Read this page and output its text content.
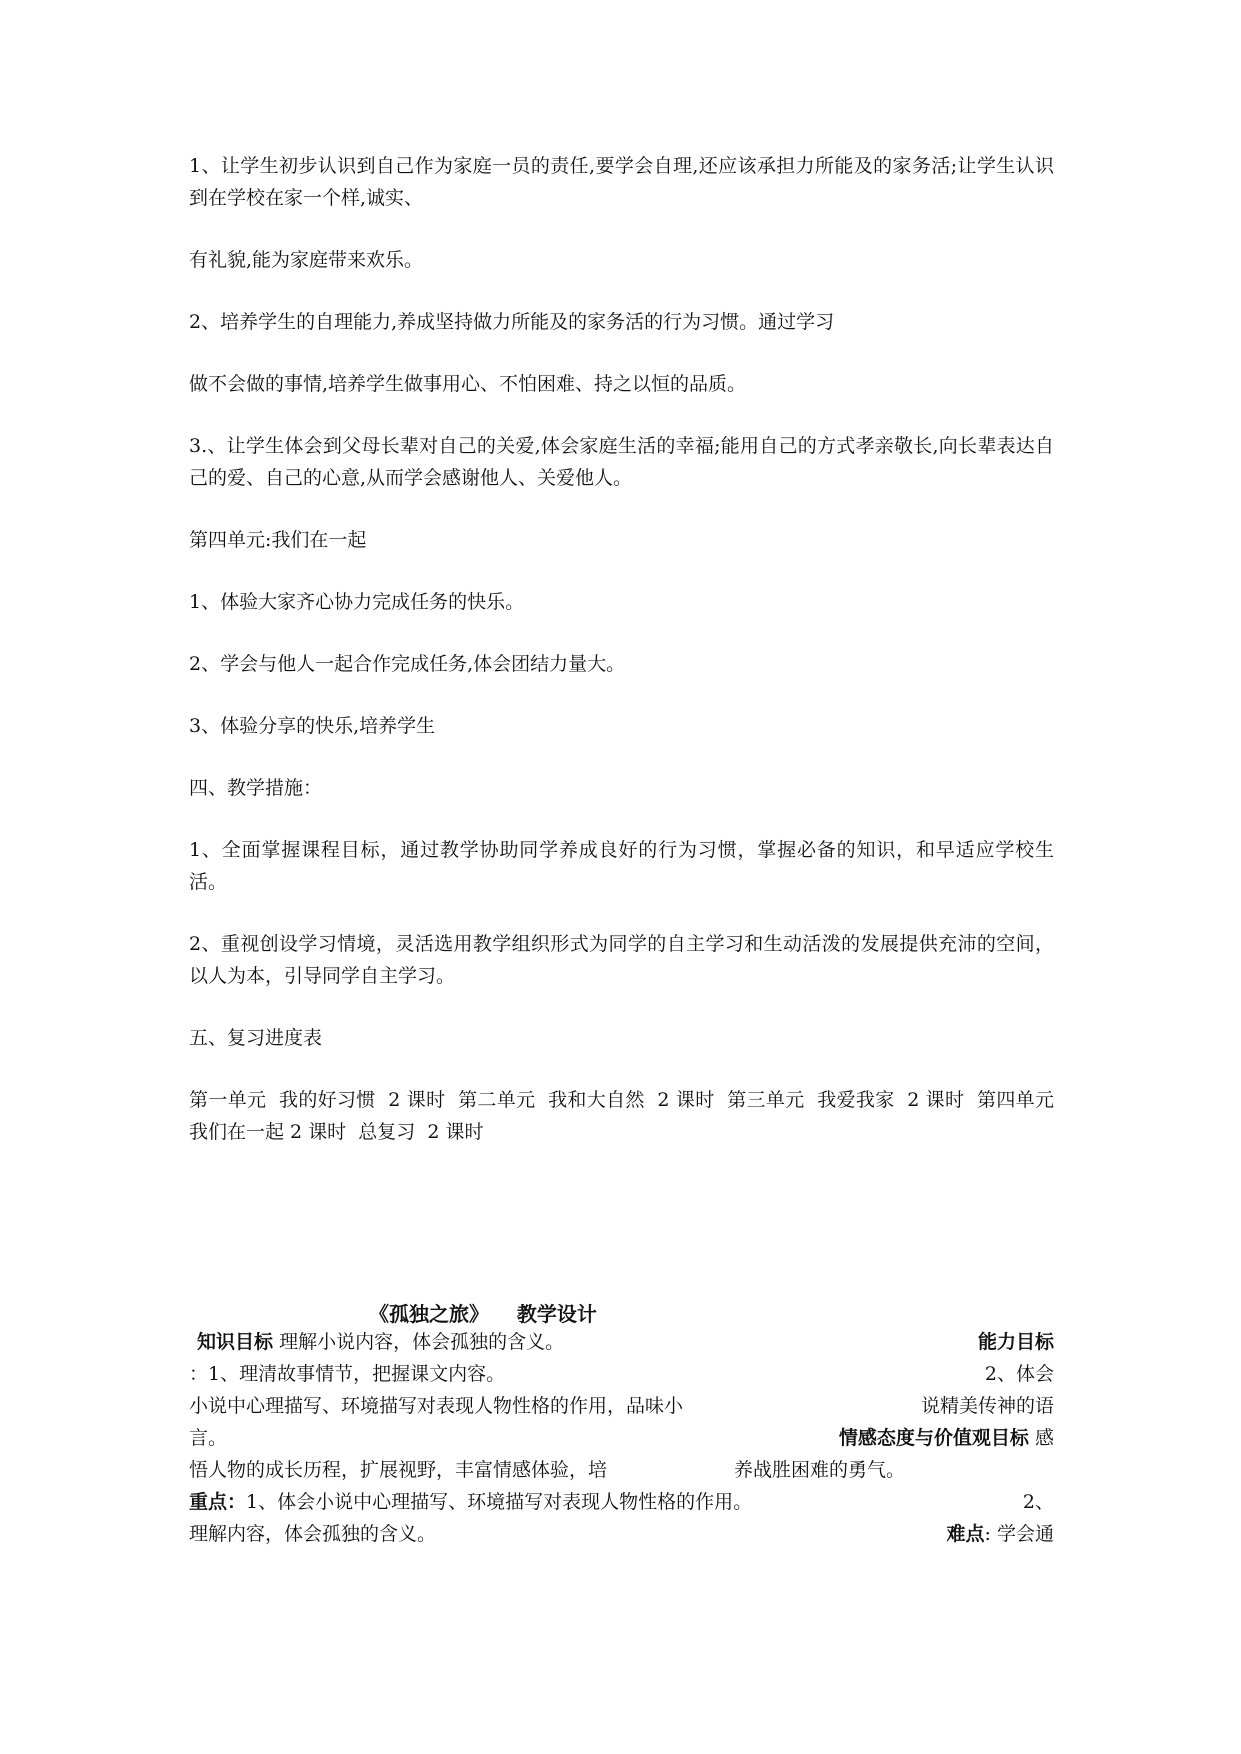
1、让学生初步认识到自己作为家庭一员的责任,要学会自理,还应该承担力所能及的家务活;让学生认识到在学校在家一个样,诚实、

有礼貌,能为家庭带来欢乐。

2、培养学生的自理能力,养成坚持做力所能及的家务活的行为习惯。通过学习

做不会做的事情,培养学生做事用心、不怕困难、持之以恒的品质。

3.、让学生体会到父母长辈对自己的关爱,体会家庭生活的幸福;能用自己的方式孝亲敬长,向长辈表达自己的爱、自己的心意,从而学会感谢他人、关爱他人。

第四单元:我们在一起

1、体验大家齐心协力完成任务的快乐。

2、学会与他人一起合作完成任务,体会团结力量大。

3、体验分享的快乐,培养学生

四、教学措施：

1、全面掌握课程目标，通过教学协助同学养成良好的行为习惯，掌握必备的知识，和早适应学校生活。

2、重视创设学习情境，灵活选用教学组织形式为同学的自主学习和生动活泼的发展提供充沛的空间，以人为本，引导同学自主学习。

五、复习进度表

第一单元  我的好习惯  2 课时  第二单元  我和大自然  2 课时  第三单元  我爱我家  2 课时  第四单元  我们在一起 2 课时  总复习  2 课时

《孤独之旅》    教学设计
知识目标 理解小说内容，体会孤独的含义。	能力目标
：1、理清故事情节，把握课文内容。	2、体会
小说中心理描写、环境描写对表现人物性格的作用，品味小	说精美传神的语
言。	情感态度与价值观目标 感
悟人物的成长历程，扩展视野，丰富情感体验，培	养战胜困难的勇气。
重点：1、体会小说中心理描写、环境描写对表现人物性格的作用。	2、
理解内容，体会孤独的含义。	难点: 学会通
